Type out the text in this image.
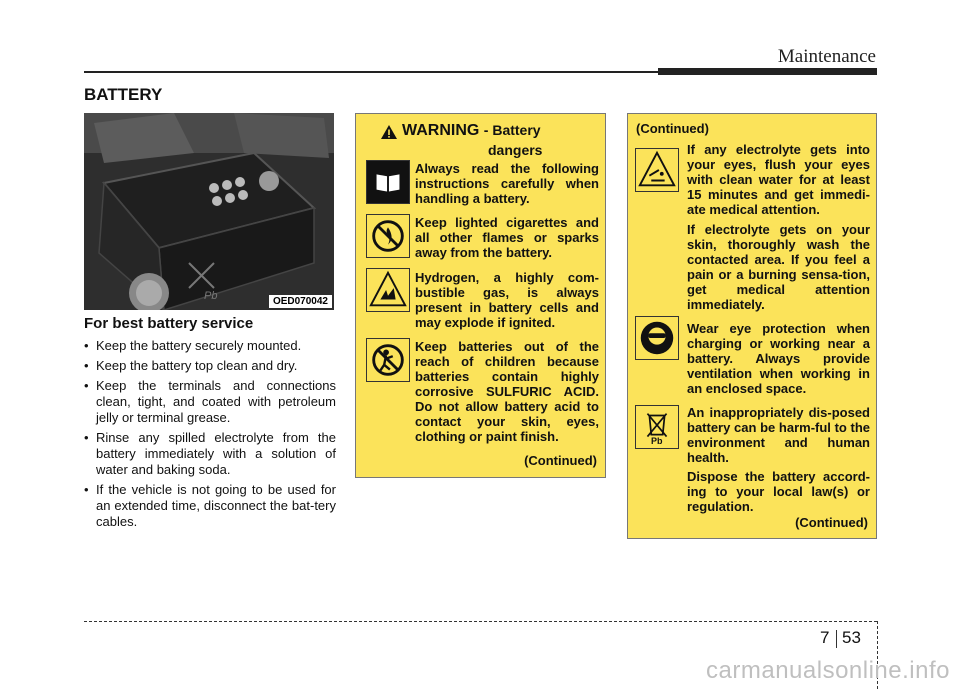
Maintenance
BATTERY
Pb	OED070042
For best battery service
• Keep the battery securely mounted.
• Keep the battery top clean and dry.
• Keep the terminals and connections clean, tight, and coated with petroleum jelly or terminal grease.
• Rinse any spilled electrolyte from the battery immediately with a solution of water and baking soda.
• If the vehicle is not going to be used for an extended time, disconnect the bat-tery cables.
WARNING - Battery
dangers
Always read the following instructions carefully when handling a battery.
Keep lighted cigarettes and all other flames or sparks away from the battery.
Hydrogen, a highly com-bustible gas, is always present in battery cells and may explode if ignited.
Keep batteries out of the reach of children because batteries contain highly corrosive SULFURIC ACID. Do not allow battery acid to contact your skin, eyes, clothing or paint finish.
(Continued)
(Continued)
If any electrolyte gets into your eyes, flush your eyes with clean water for at least 15 minutes and get immedi-ate medical attention.
If electrolyte gets on your skin, thoroughly wash the contacted area. If you feel a pain or a burning sensa-tion, get medical attention immediately.
Wear eye protection when charging or working near a battery. Always provide ventilation when working in an enclosed space.
Pb
An inappropriately dis-posed battery can be harm-ful to the environment and human health.
Dispose the battery accord-ing to your local law(s) or regulation.
(Continued)
7 53
carmanualsonline.info
